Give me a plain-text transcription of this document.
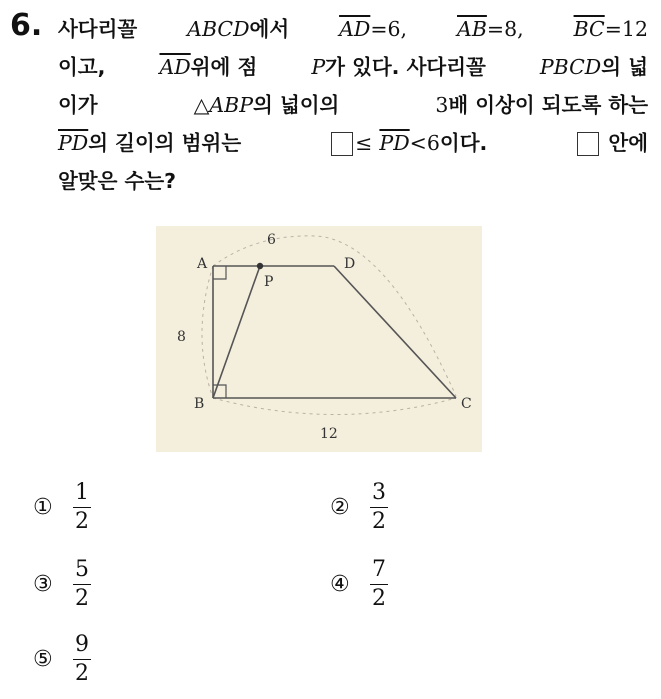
6. 사다리꼴 ABCD에서 $\overline{AD}=6$, $\overline{AB}=8$, $\overline{BC}=12$
이고,	$\overline{AD}$위에 점	P가 있다. 사다리꼴	PBCD의 넓
이가	△ABP의 넓이의	3배 이상이 되도록 하는
$\overline{PD}$의 길이의 범위는	≤ $\overline{PD}<6$이다.	안에
알맞은 수는?
A
B	C
D
P
6
8
12
① $\frac{1}{2}$	② $\frac{3}{2}$
③ $\frac{5}{2}$	④ $\frac{7}{2}$
⑤ $\frac{9}{2}$
